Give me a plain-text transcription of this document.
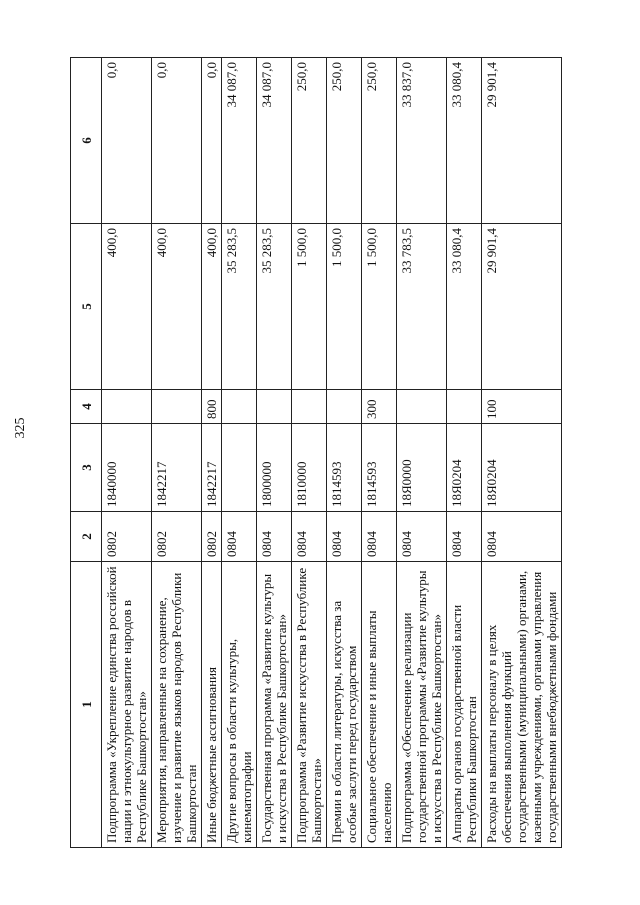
325
1	2	3	4	5	6
Подпрограмма «Укрепление единства российской нации и этнокультурное развитие народов в Республике Башкортостан»	0802	1840000		400,0	0,0
Мероприятия, направленные на сохранение, изучение и развитие языков народов Республики Башкортостан	0802	1842217		400,0	0,0
Иные бюджетные ассигнования	0802	1842217	800	400,0	0,0
Другие вопросы в области культуры, кинематографии	0804			35 283,5	34 087,0
Государственная программа «Развитие культуры и искусства в Республике Башкортостан»	0804	1800000		35 283,5	34 087,0
Подпрограмма «Развитие искусства в Республике Башкортостан»	0804	1810000		1 500,0	250,0
Премии в области литературы, искусства за особые заслуги перед государством	0804	1814593		1 500,0	250,0
Социальное обеспечение и иные выплаты населению	0804	1814593	300	1 500,0	250,0
Подпрограмма «Обеспечение реализации государственной программы «Развитие культуры и искусства в Республике Башкортостан»	0804	18Я0000		33 783,5	33 837,0
Аппараты органов государственной власти Республики Башкортостан	0804	18Я0204		33 080,4	33 080,4
Расходы на выплаты персоналу в целях обеспечения выполнения функций государственными (муниципальными) органами, казенными учреждениями, органами управления государственными внебюджетными фондами	0804	18Я0204	100	29 901,4	29 901,4
